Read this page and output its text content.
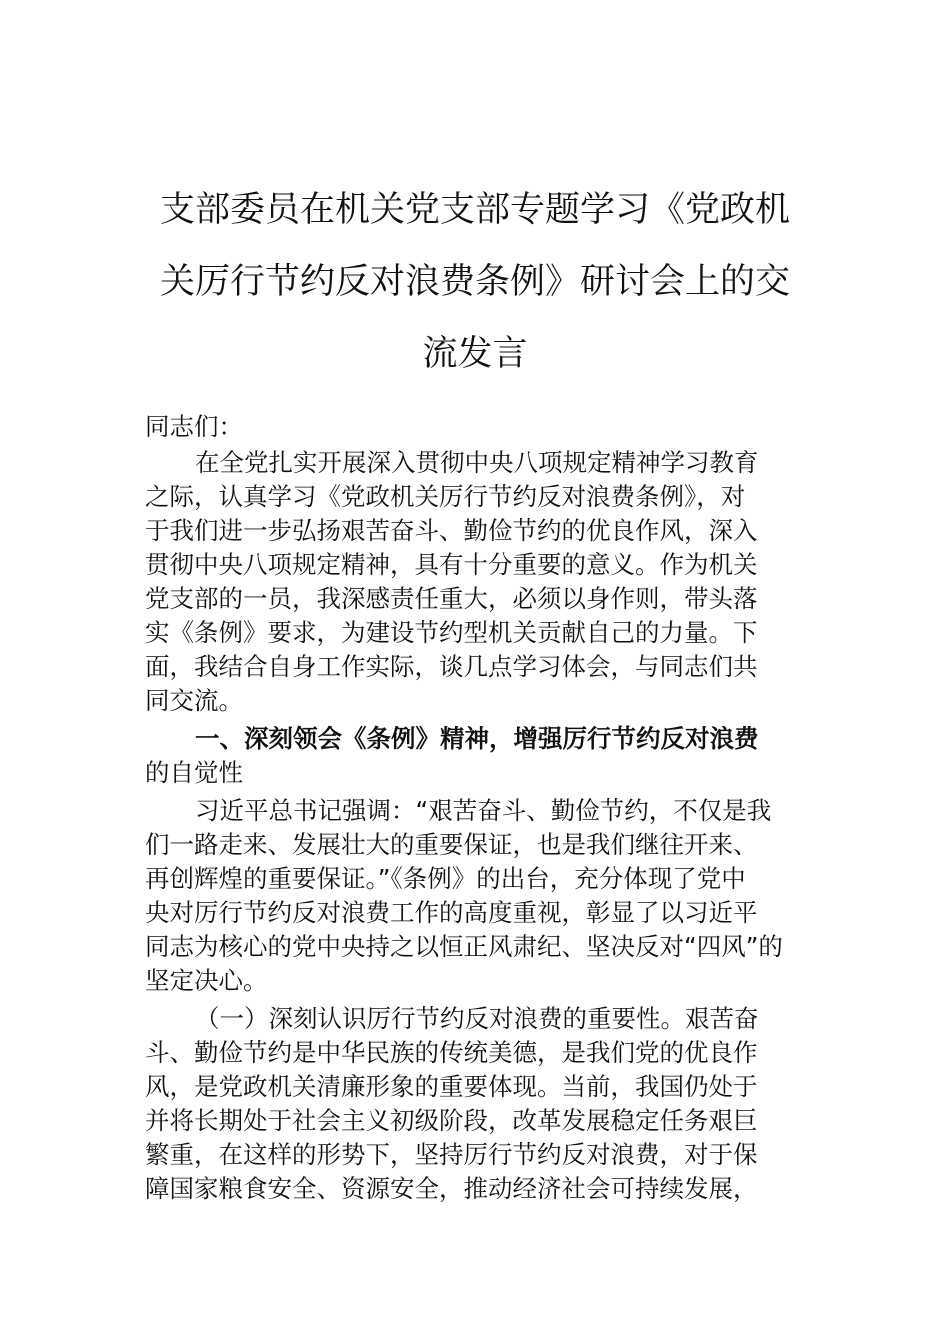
支部委员在机关党支部专题学习《党政机
关厉行节约反对浪费条例》研讨会上的交
流发言
同志们：
在全党扎实开展深入贯彻中央八项规定精神学习教育
之际，认真学习《党政机关厉行节约反对浪费条例》，对
于我们进一步弘扬艰苦奋斗、勤俭节约的优良作风，深入
贯彻中央八项规定精神，具有十分重要的意义。作为机关
党支部的一员，我深感责任重大，必须以身作则，带头落
实《条例》要求，为建设节约型机关贡献自己的力量。下
面，我结合自身工作实际，谈几点学习体会，与同志们共
同交流。
一、深刻领会《条例》精神，增强厉行节约反对浪费
的自觉性
习近平总书记强调：“艰苦奋斗、勤俭节约，不仅是我
们一路走来、发展壮大的重要保证，也是我们继往开来、
再创辉煌的重要保证。”《条例》的出台，充分体现了党中
央对厉行节约反对浪费工作的高度重视，彰显了以习近平
同志为核心的党中央持之以恒正风肃纪、坚决反对“四风”的
坚定决心。
（一）深刻认识厉行节约反对浪费的重要性。艰苦奋
斗、勤俭节约是中华民族的传统美德，是我们党的优良作
风，是党政机关清廉形象的重要体现。当前，我国仍处于
并将长期处于社会主义初级阶段，改革发展稳定任务艰巨
繁重，在这样的形势下，坚持厉行节约反对浪费，对于保
障国家粮食安全、资源安全，推动经济社会可持续发展，
